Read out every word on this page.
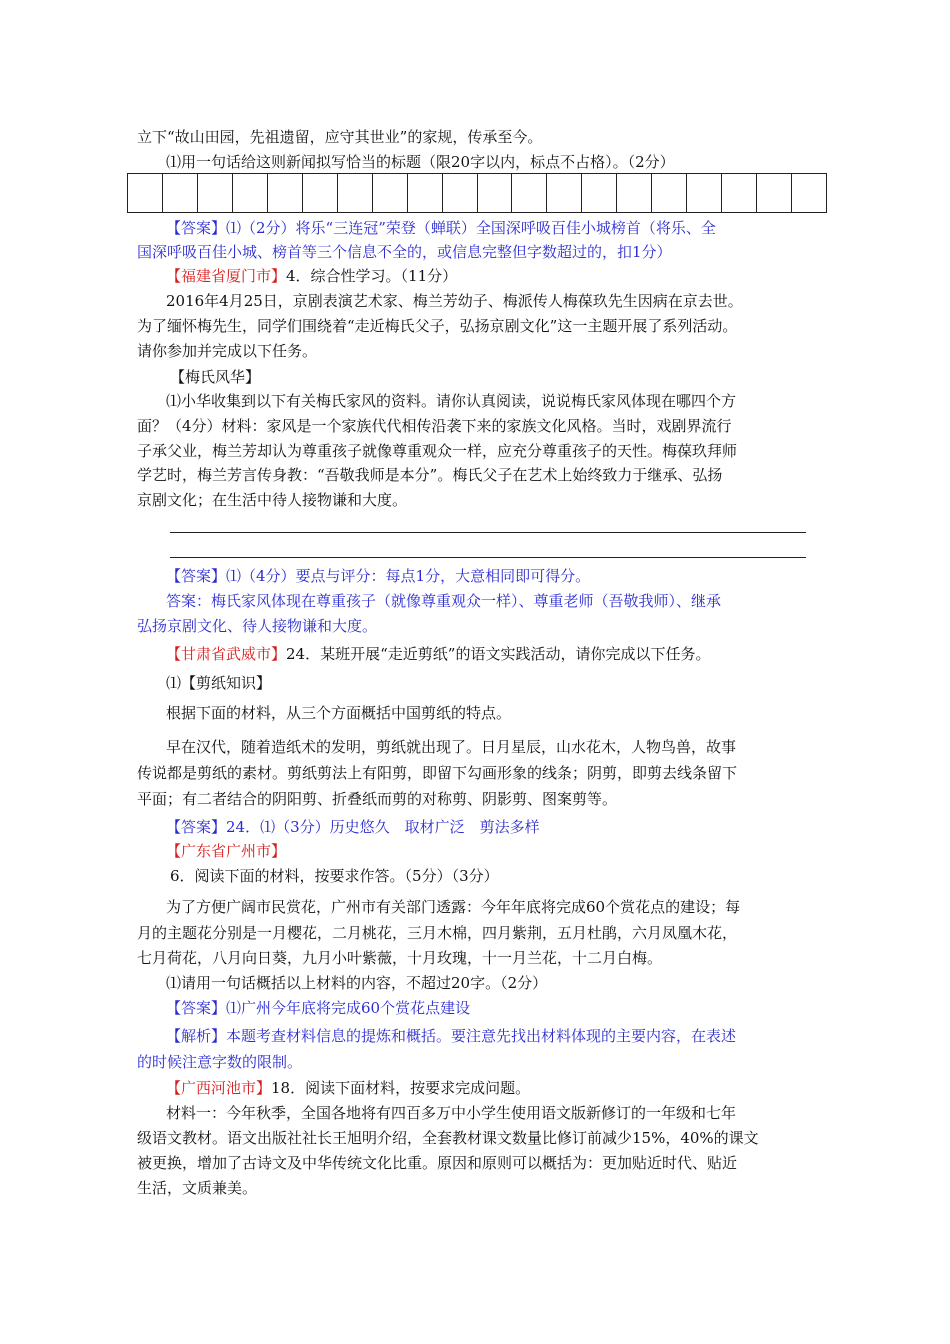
立下“故山田园，先祖遗留，应守其世业”的家规，传承至今。
⑴用一句话给这则新闻拟写恰当的标题（限20字以内，标点不占格）。（2分）
【答案】⑴（2分）将乐“三连冠”荣登（蝉联）全国深呼吸百佳小城榜首（将乐、全
国深呼吸百佳小城、榜首等三个信息不全的，或信息完整但字数超过的，扣1分）
【福建省厦门市】4．综合性学习。（11分）
2016年4月25日，京剧表演艺术家、梅兰芳幼子、梅派传人梅葆玖先生因病在京去世。
为了缅怀梅先生，同学们围绕着“走近梅氏父子，弘扬京剧文化”这一主题开展了系列活动。
请你参加并完成以下任务。
【梅氏风华】
⑴小华收集到以下有关梅氏家风的资料。请你认真阅读，说说梅氏家风体现在哪四个方
面？（4分）材料：家风是一个家族代代相传沿袭下来的家族文化风格。当时，戏剧界流行
子承父业，梅兰芳却认为尊重孩子就像尊重观众一样，应充分尊重孩子的天性。梅葆玖拜师
学艺时，梅兰芳言传身教：“吾敬我师是本分”。梅氏父子在艺术上始终致力于继承、弘扬
京剧文化；在生活中待人接物谦和大度。
【答案】⑴（4分）要点与评分：每点1分，大意相同即可得分。
答案：梅氏家风体现在尊重孩子（就像尊重观众一样）、尊重老师（吾敬我师）、继承
弘扬京剧文化、待人接物谦和大度。
【甘肃省武威市】24．某班开展“走近剪纸”的语文实践活动，请你完成以下任务。
⑴【剪纸知识】
根据下面的材料，从三个方面概括中国剪纸的特点。
早在汉代，随着造纸术的发明，剪纸就出现了。日月星辰，山水花木，人物鸟兽，故事
传说都是剪纸的素材。剪纸剪法上有阳剪，即留下勾画形象的线条；阴剪，即剪去线条留下
平面；有二者结合的阴阳剪、折叠纸而剪的对称剪、阴影剪、图案剪等。
【答案】24．⑴（3分）历史悠久　取材广泛　剪法多样
【广东省广州市】
6．阅读下面的材料，按要求作答。（5分）（3分）
为了方便广阔市民赏花，广州市有关部门透露：今年年底将完成60个赏花点的建设；每
月的主题花分别是一月樱花，二月桃花，三月木棉，四月紫荆，五月杜鹃，六月凤凰木花，
七月荷花，八月向日葵，九月小叶紫薇，十月玫瑰，十一月兰花，十二月白梅。
⑴请用一句话概括以上材料的内容，不超过20字。（2分）
【答案】⑴广州今年底将完成60个赏花点建设
【解析】本题考查材料信息的提炼和概括。要注意先找出材料体现的主要内容，在表述
的时候注意字数的限制。
【广西河池市】18．阅读下面材料，按要求完成问题。
材料一：今年秋季，全国各地将有四百多万中小学生使用语文版新修订的一年级和七年
级语文教材。语文出版社社长王旭明介绍，全套教材课文数量比修订前减少15%，40%的课文
被更换，增加了古诗文及中华传统文化比重。原因和原则可以概括为：更加贴近时代、贴近
生活，文质兼美。
